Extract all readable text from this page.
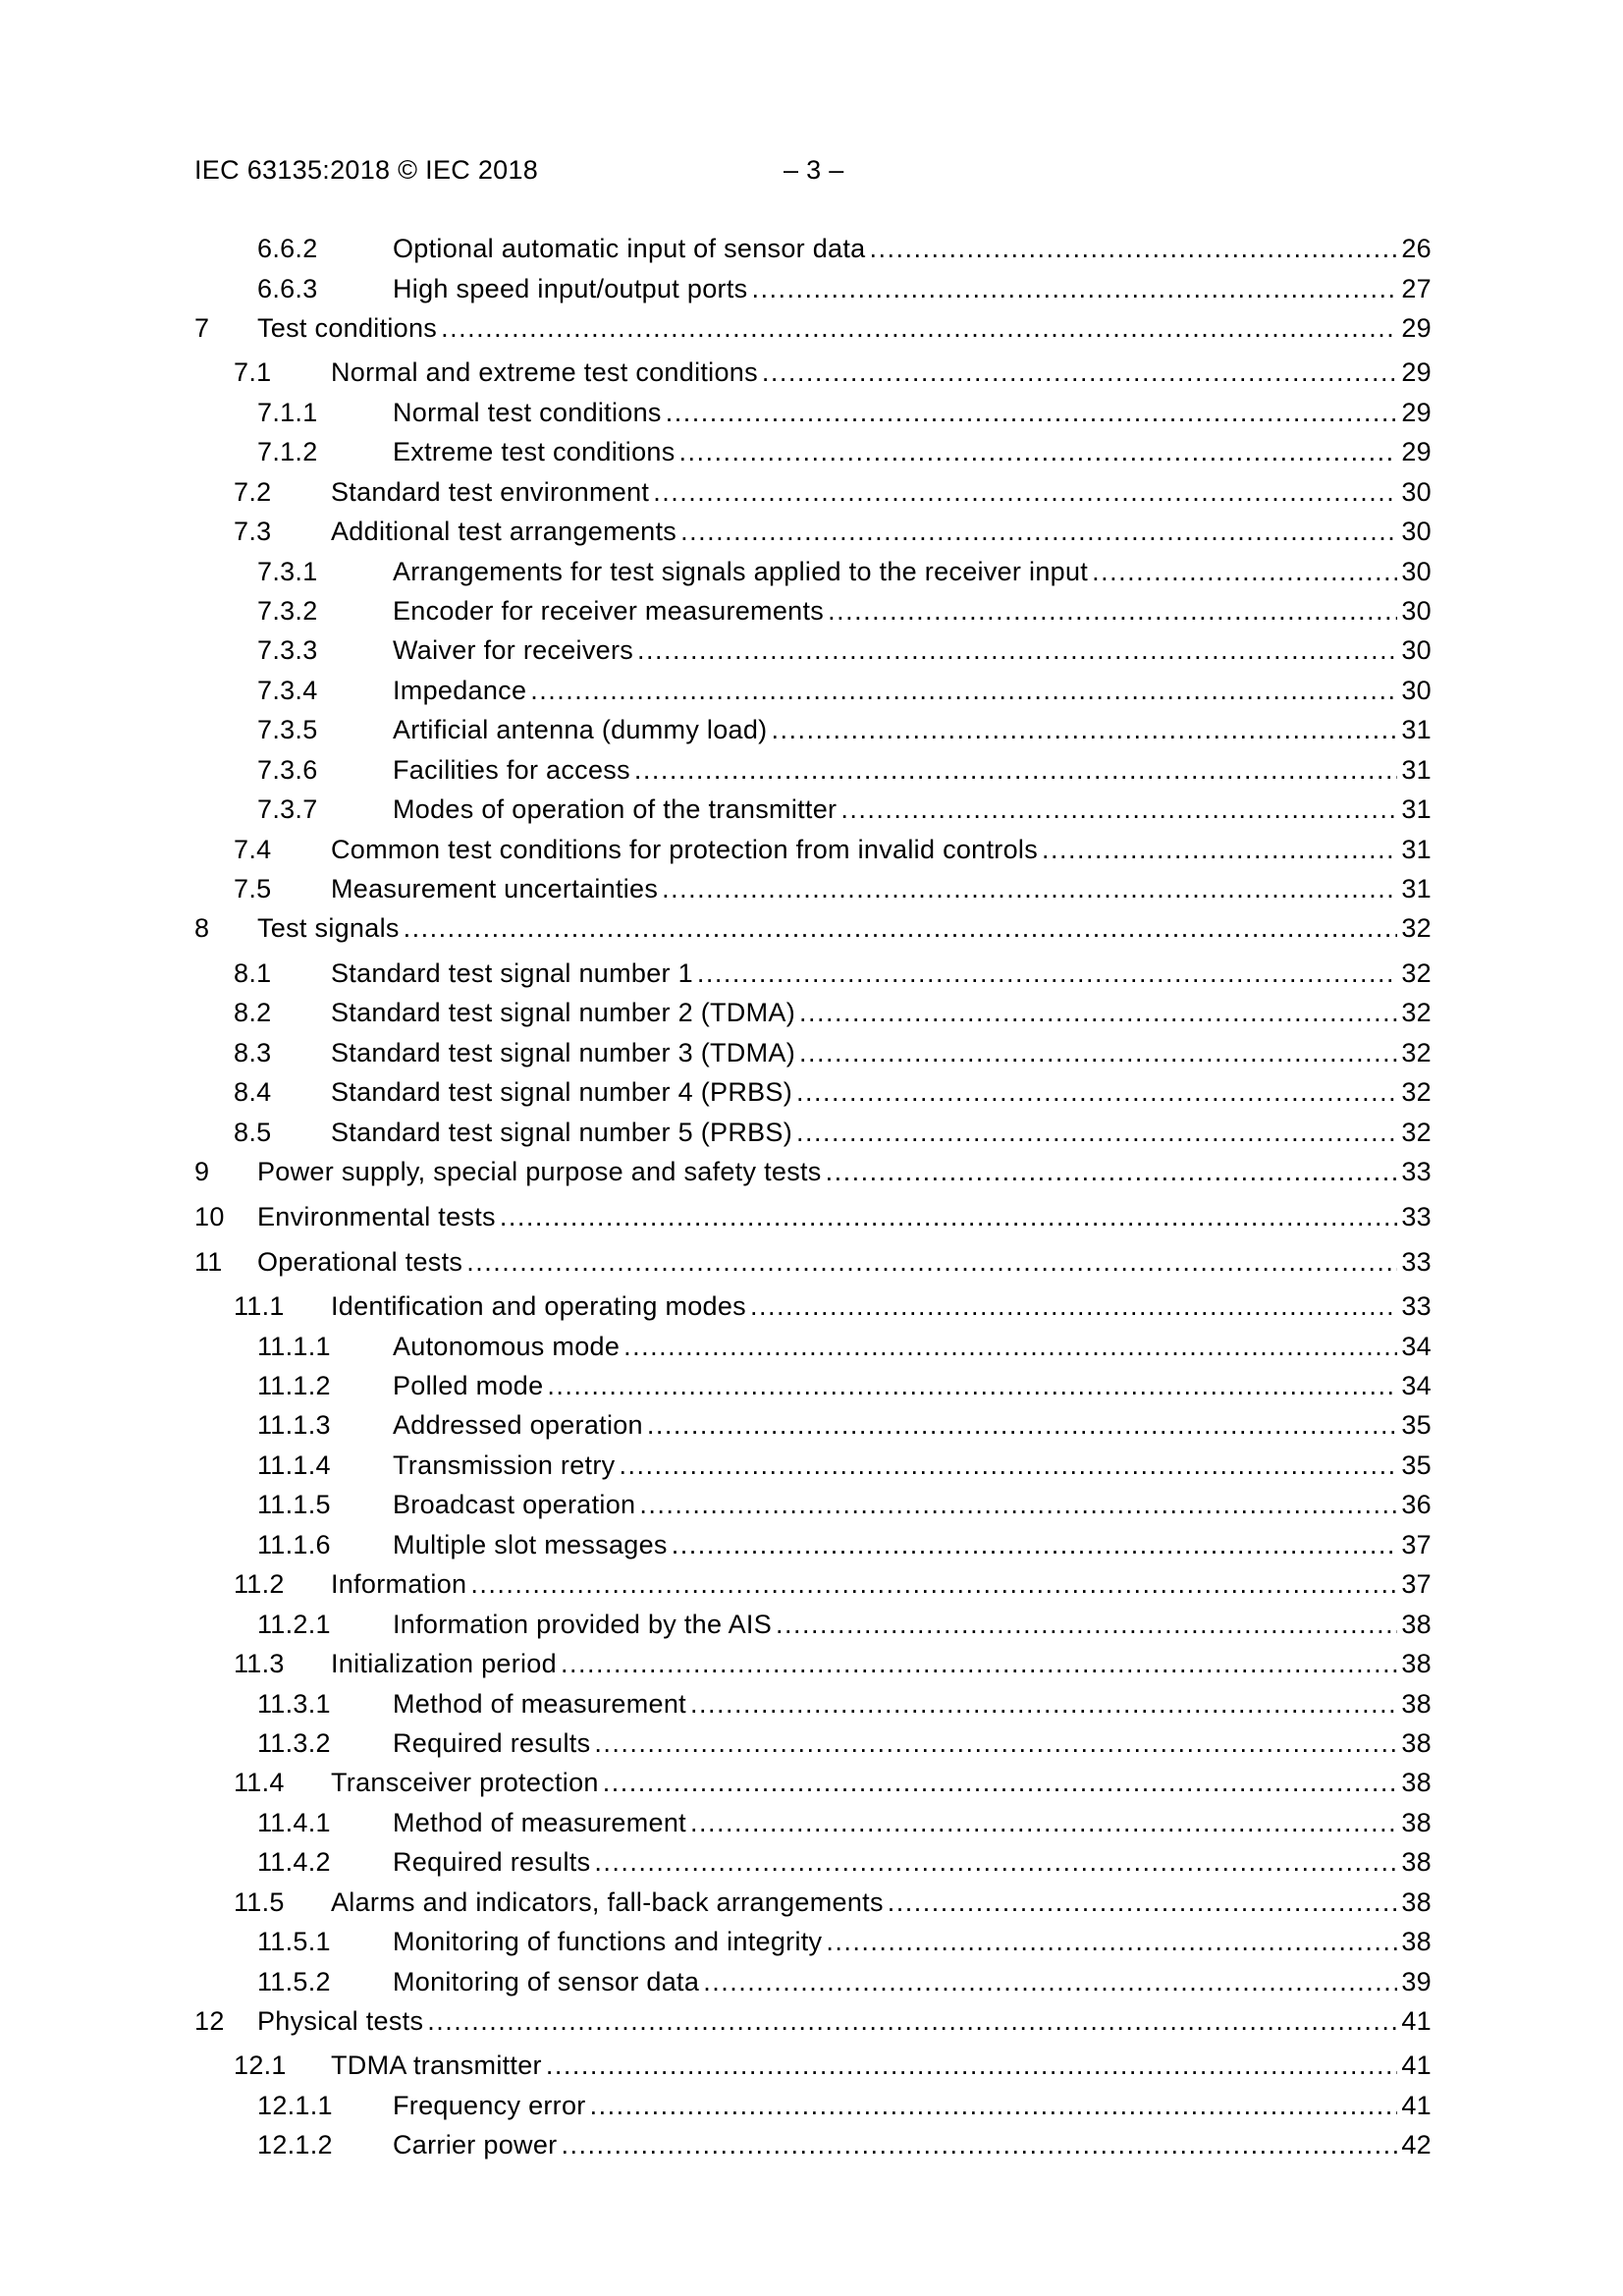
IEC 63135:2018 © IEC 2018	– 3 –
6.6.2	Optional automatic input of sensor data .....	26
6.6.3	High speed input/output ports .....	27
7 Test conditions .....	29
7.1 Normal and extreme test conditions .....	29
7.1.1	Normal test conditions .....	29
7.1.2	Extreme test conditions .....	29
7.2 Standard test environment .....	30
7.3 Additional test arrangements .....	30
7.3.1	Arrangements for test signals applied to the receiver input .....	30
7.3.2	Encoder for receiver measurements .....	30
7.3.3	Waiver for receivers .....	30
7.3.4	Impedance .....	30
7.3.5	Artificial antenna (dummy load) .....	31
7.3.6	Facilities for access .....	31
7.3.7	Modes of operation of the transmitter .....	31
7.4 Common test conditions for protection from invalid controls .....	31
7.5 Measurement uncertainties .....	31
8 Test signals .....	32
8.1 Standard test signal number 1 .....	32
8.2 Standard test signal number 2 (TDMA) .....	32
8.3 Standard test signal number 3 (TDMA) .....	32
8.4 Standard test signal number 4 (PRBS) .....	32
8.5 Standard test signal number 5 (PRBS) .....	32
9 Power supply, special purpose and safety tests .....	33
10 Environmental tests .....	33
11 Operational tests .....	33
11.1 Identification and operating modes .....	33
11.1.1 Autonomous mode .....	34
11.1.2 Polled mode .....	34
11.1.3 Addressed operation .....	35
11.1.4 Transmission retry .....	35
11.1.5 Broadcast operation .....	36
11.1.6 Multiple slot messages .....	37
11.2 Information .....	37
11.2.1 Information provided by the AIS .....	38
11.3 Initialization period .....	38
11.3.1 Method of measurement .....	38
11.3.2 Required results .....	38
11.4 Transceiver protection .....	38
11.4.1 Method of measurement .....	38
11.4.2 Required results .....	38
11.5 Alarms and indicators, fall-back arrangements .....	38
11.5.1 Monitoring of functions and integrity .....	38
11.5.2 Monitoring of sensor data .....	39
12 Physical tests .....	41
12.1 TDMA transmitter .....	41
12.1.1 Frequency error .....	41
12.1.2 Carrier power .....	42
